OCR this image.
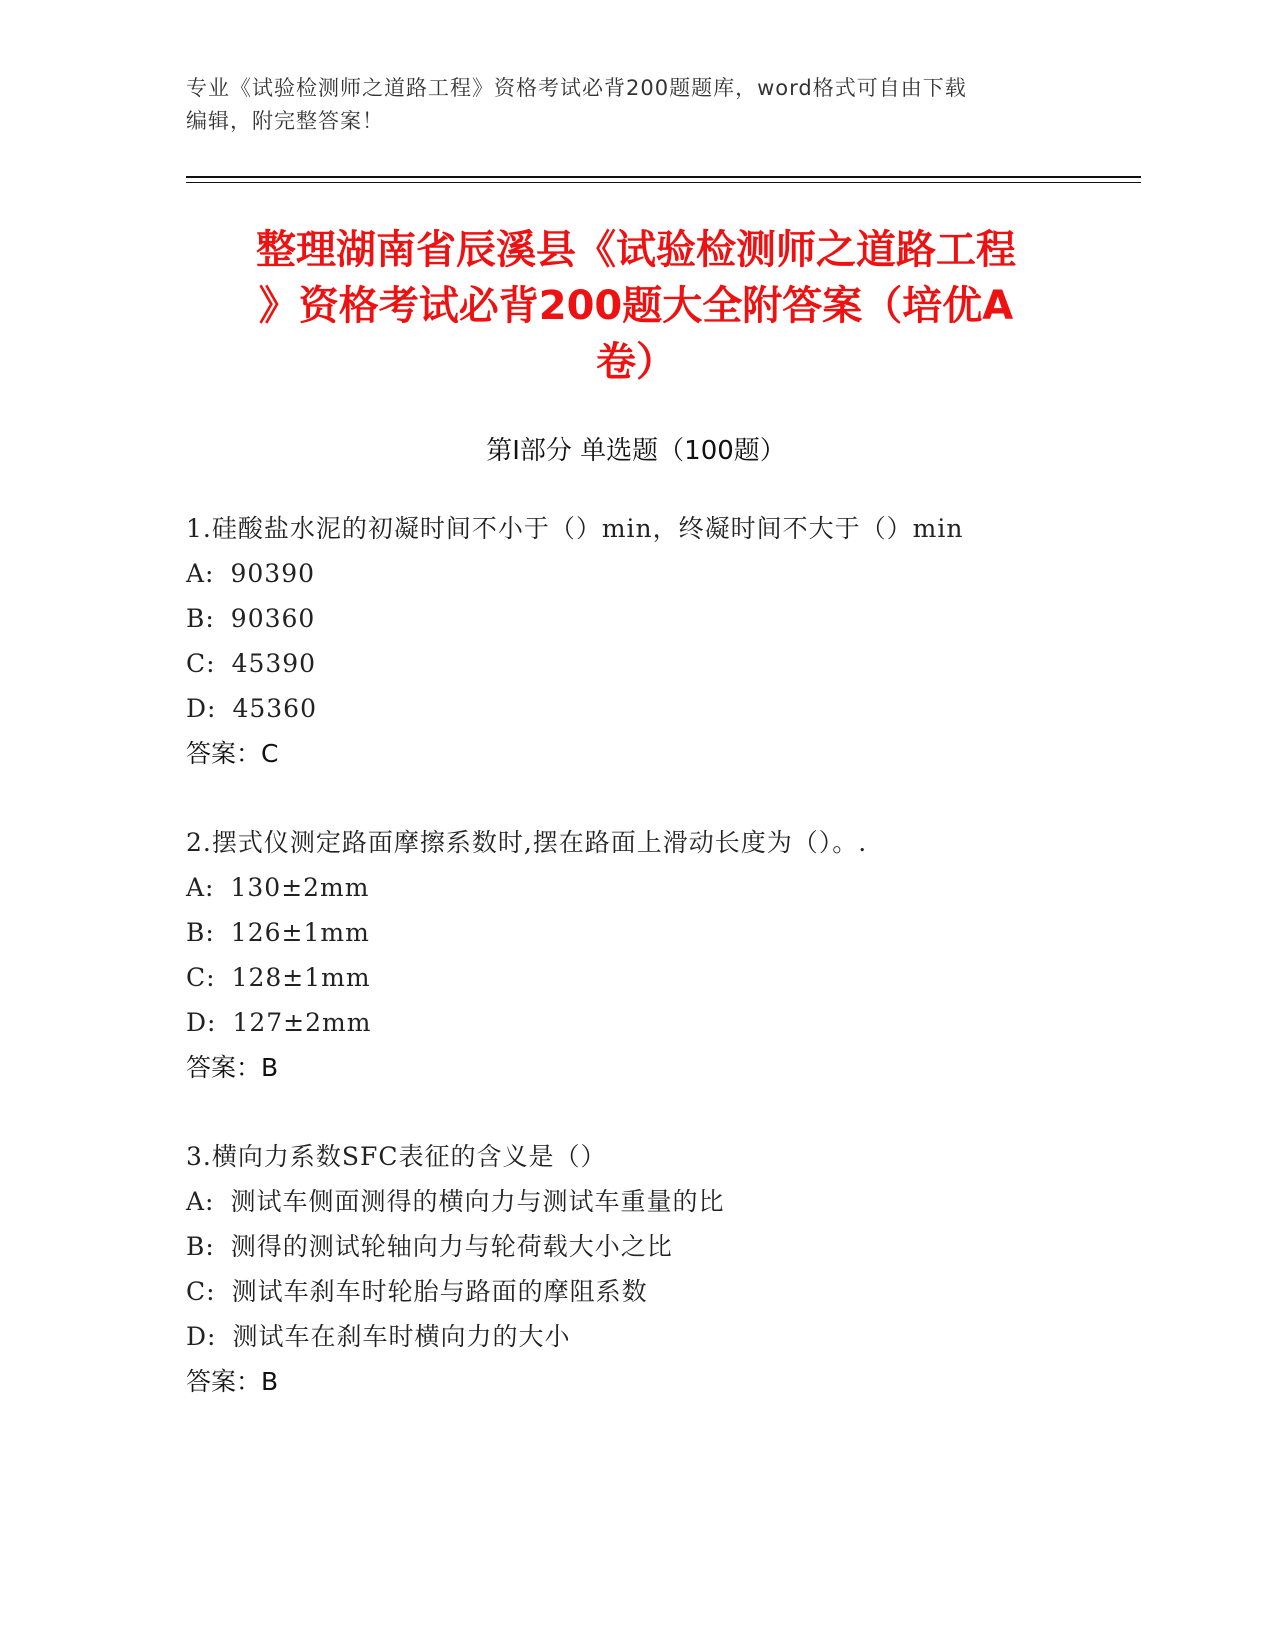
专业《试验检测师之道路工程》资格考试必背200题题库，word格式可自由下载
编辑，附完整答案！
整理湖南省辰溪县《试验检测师之道路工程
》资格考试必背200题大全附答案（培优A
卷）
第I部分 单选题（100题）
1.硅酸盐水泥的初凝时间不小于（）min，终凝时间不大于（）min
A: 90390
B: 90360
C: 45390
D: 45360
答案：C
2.摆式仪测定路面摩擦系数时,摆在路面上滑动长度为（）。.
A: 130±2mm
B: 126±1mm
C: 128±1mm
D: 127±2mm
答案：B
3.横向力系数SFC表征的含义是（）
A: 测试车侧面测得的横向力与测试车重量的比
B: 测得的测试轮轴向力与轮荷载大小之比
C: 测试车刹车时轮胎与路面的摩阻系数
D: 测试车在刹车时横向力的大小
答案：B
